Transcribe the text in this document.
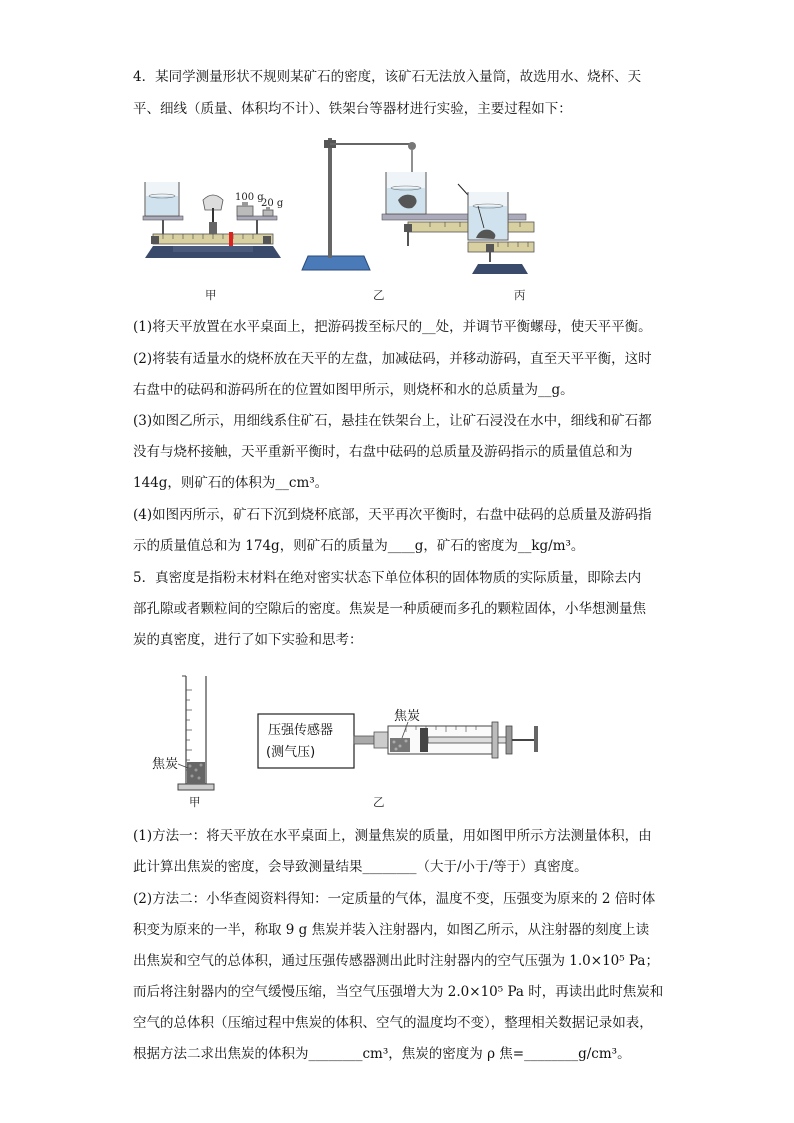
4．某同学测量形状不规则某矿石的密度，该矿石无法放入量筒，故选用水、烧杯、天
平、细线（质量、体积均不计）、铁架台等器材进行实验，主要过程如下：
100 g
20 g
甲	乙	丙
(1)将天平放置在水平桌面上，把游码拨至标尺的__处，并调节平衡螺母，使天平平衡。
(2)将装有适量水的烧杯放在天平的左盘，加减砝码，并移动游码，直至天平平衡，这时
右盘中的砝码和游码所在的位置如图甲所示，则烧杯和水的总质量为__g。
(3)如图乙所示，用细线系住矿石，悬挂在铁架台上，让矿石浸没在水中，细线和矿石都
没有与烧杯接触，天平重新平衡时，右盘中砝码的总质量及游码指示的质量值总和为
144g，则矿石的体积为__cm³。
(4)如图丙所示，矿石下沉到烧杯底部，天平再次平衡时，右盘中砝码的总质量及游码指
示的质量值总和为 174g，则矿石的质量为____g，矿石的密度为__kg/m³。
5．真密度是指粉末材料在绝对密实状态下单位体积的固体物质的实际质量，即除去内
部孔隙或者颗粒间的空隙后的密度。焦炭是一种质硬而多孔的颗粒固体，小华想测量焦
炭的真密度，进行了如下实验和思考：
焦炭
压强传感器
(测气压)
焦炭
甲	乙
(1)方法一：将天平放在水平桌面上，测量焦炭的质量，用如图甲所示方法测量体积，由
此计算出焦炭的密度，会导致测量结果________（大于/小于/等于）真密度。
(2)方法二：小华查阅资料得知：一定质量的气体，温度不变，压强变为原来的 2 倍时体
积变为原来的一半，称取 9 g 焦炭并装入注射器内，如图乙所示，从注射器的刻度上读
出焦炭和空气的总体积，通过压强传感器测出此时注射器内的空气压强为 1.0×10⁵ Pa；
而后将注射器内的空气缓慢压缩，当空气压强增大为 2.0×10⁵ Pa 时，再读出此时焦炭和
空气的总体积（压缩过程中焦炭的体积、空气的温度均不变），整理相关数据记录如表，
根据方法二求出焦炭的体积为________cm³，焦炭的密度为 ρ 焦=________g/cm³。
